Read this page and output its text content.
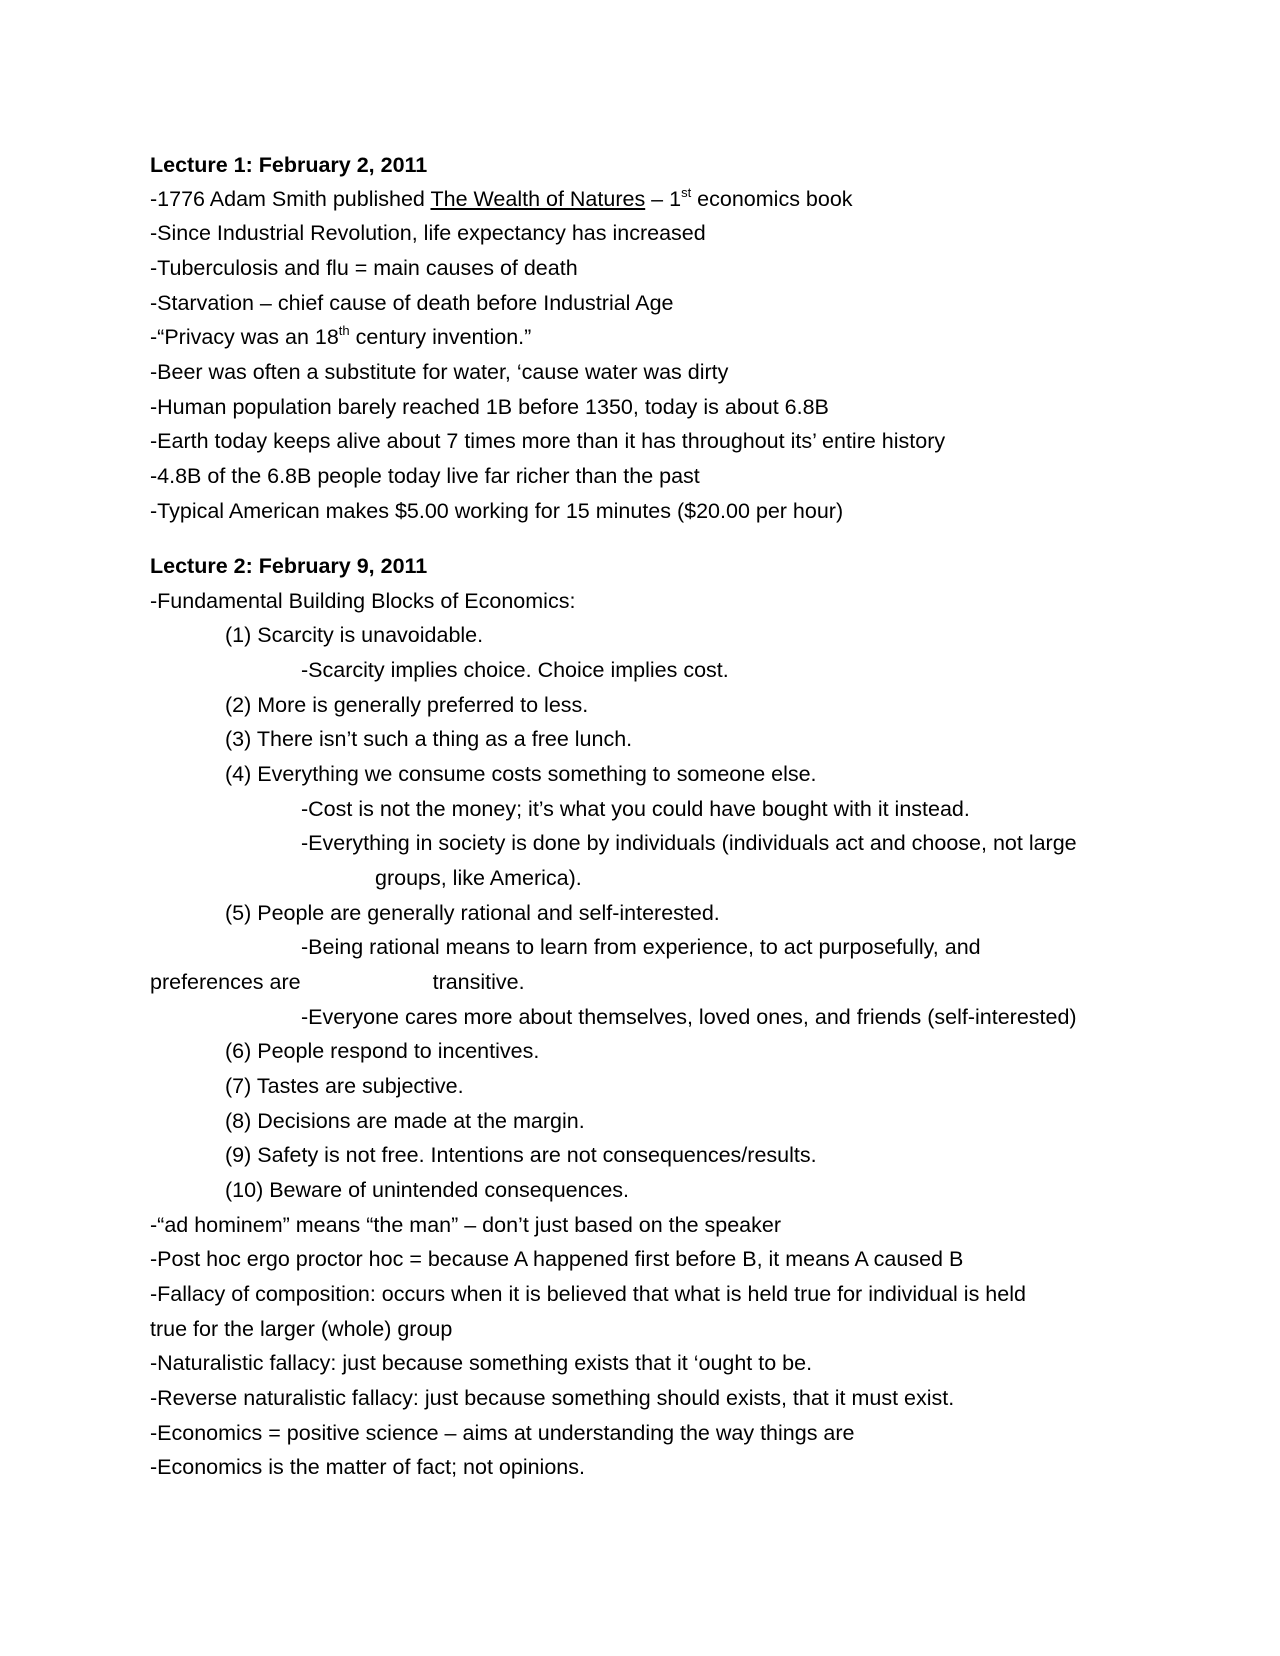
Lecture 1: February 2, 2011

-1776 Adam Smith published The Wealth of Natures – 1st economics book

-Since Industrial Revolution, life expectancy has increased

-Tuberculosis and flu = main causes of death

-Starvation – chief cause of death before Industrial Age

-“Privacy was an 18th century invention.”

-Beer was often a substitute for water, ‘cause water was dirty

-Human population barely reached 1B before 1350, today is about 6.8B

-Earth today keeps alive about 7 times more than it has throughout its’ entire history

-4.8B of the 6.8B people today live far richer than the past

-Typical American makes $5.00 working for 15 minutes ($20.00 per hour)

Lecture 2: February 9, 2011

-Fundamental Building Blocks of Economics:

(1) Scarcity is unavoidable.

-Scarcity implies choice. Choice implies cost.

(2) More is generally preferred to less.

(3) There isn’t such a thing as a free lunch.

(4) Everything we consume costs something to someone else.

-Cost is not the money; it’s what you could have bought with it instead.

-Everything in society is done by individuals (individuals act and choose, not large

groups, like America).

(5) People are generally rational and self-interested.

-Being rational means to learn from experience, to act purposefully, and

preferences are	transitive.

-Everyone cares more about themselves, loved ones, and friends (self-interested)

(6) People respond to incentives.

(7) Tastes are subjective.

(8) Decisions are made at the margin.

(9) Safety is not free. Intentions are not consequences/results.

(10) Beware of unintended consequences.

-“ad hominem” means “the man” – don’t just based on the speaker

-Post hoc ergo proctor hoc = because A happened first before B, it means A caused B

-Fallacy of composition: occurs when it is believed that what is held true for individual is held

true for the larger (whole) group

-Naturalistic fallacy: just because something exists that it ‘ought to be.

-Reverse naturalistic fallacy: just because something should exists, that it must exist.

-Economics = positive science – aims at understanding the way things are

-Economics is the matter of fact; not opinions.
